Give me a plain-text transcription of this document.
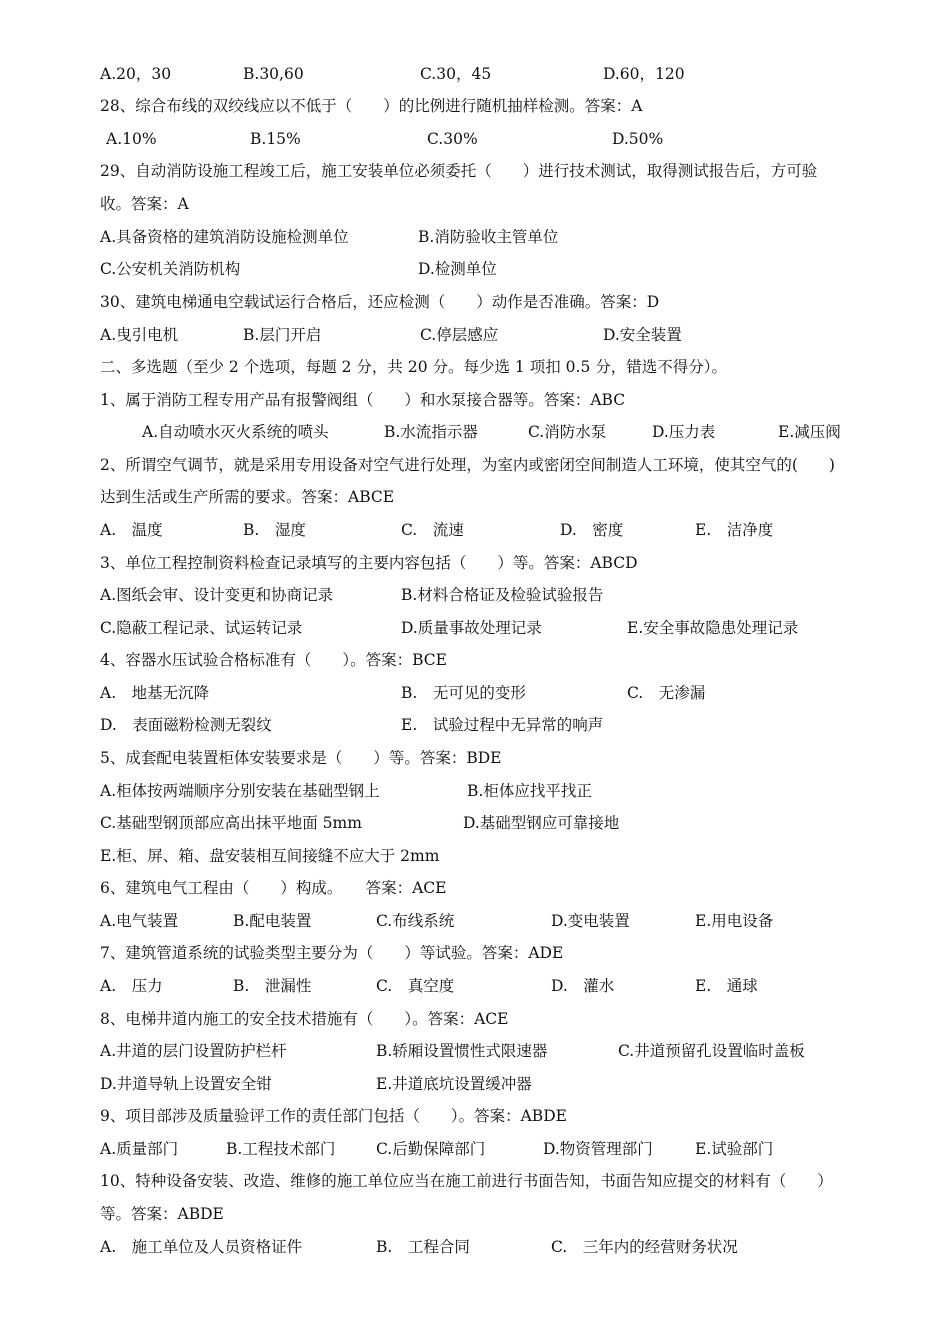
A.20，30	B.30,60	C.30，45	D.60，120
28、综合布线的双绞线应以不低于（　　）的比例进行随机抽样检测。答案：A
A.10%	B.15%	C.30%	D.50%
29、自动消防设施工程竣工后，施工安装单位必须委托（　　）进行技术测试，取得测试报告后，方可验
收。答案：A
A.具备资格的建筑消防设施检测单位	B.消防验收主管单位
C.公安机关消防机构	D.检测单位
30、建筑电梯通电空载试运行合格后，还应检测（　　）动作是否准确。答案：D
A.曳引电机	B.层门开启	C.停层感应	D.安全装置
二、多选题（至少 2 个选项，每题 2 分，共 20 分。每少选 1 项扣 0.5 分，错选不得分）。
1、属于消防工程专用产品有报警阀组（　　）和水泵接合器等。答案：ABC
A.自动喷水灭火系统的喷头	B.水流指示器	C.消防水泵	D.压力表	E.减压阀
2、所谓空气调节，就是采用专用设备对空气进行处理，为室内或密闭空间制造人工环境，使其空气的(　　)
达到生活或生产所需的要求。答案：ABCE
A.　温度	B.　湿度	C.　流速	D.　密度	E.　洁净度
3、单位工程控制资料检查记录填写的主要内容包括（　　）等。答案：ABCD
A.图纸会审、设计变更和协商记录	B.材料合格证及检验试验报告
C.隐蔽工程记录、试运转记录	D.质量事故处理记录	E.安全事故隐患处理记录
4、容器水压试验合格标准有（　　）。答案：BCE
A.　地基无沉降	B.　无可见的变形	C.　无渗漏
D.　表面磁粉检测无裂纹	E.　试验过程中无异常的响声
5、成套配电装置柜体安装要求是（　　）等。答案：BDE
A.柜体按两端顺序分别安装在基础型钢上	B.柜体应找平找正
C.基础型钢顶部应高出抹平地面 5mm	D.基础型钢应可靠接地
E.柜、屏、箱、盘安装相互间接缝不应大于 2mm
6、建筑电气工程由（　　）构成。　　答案：ACE
A.电气装置	B.配电装置	C.布线系统	D.变电装置	E.用电设备
7、建筑管道系统的试验类型主要分为（　　）等试验。答案：ADE
A.　压力	B.　泄漏性	C.　真空度	D.　灌水	E.　通球
8、电梯井道内施工的安全技术措施有（　　）。答案：ACE
A.井道的层门设置防护栏杆	B.轿厢设置惯性式限速器	C.井道预留孔设置临时盖板
D.井道导轨上设置安全钳	E.井道底坑设置缓冲器
9、项目部涉及质量验评工作的责任部门包括（　　）。答案：ABDE
A.质量部门	B.工程技术部门	C.后勤保障部门	D.物资管理部门	E.试验部门
10、特种设备安装、改造、维修的施工单位应当在施工前进行书面告知，书面告知应提交的材料有（　　）
等。答案：ABDE
A.　施工单位及人员资格证件	B.　工程合同	C.　三年内的经营财务状况
